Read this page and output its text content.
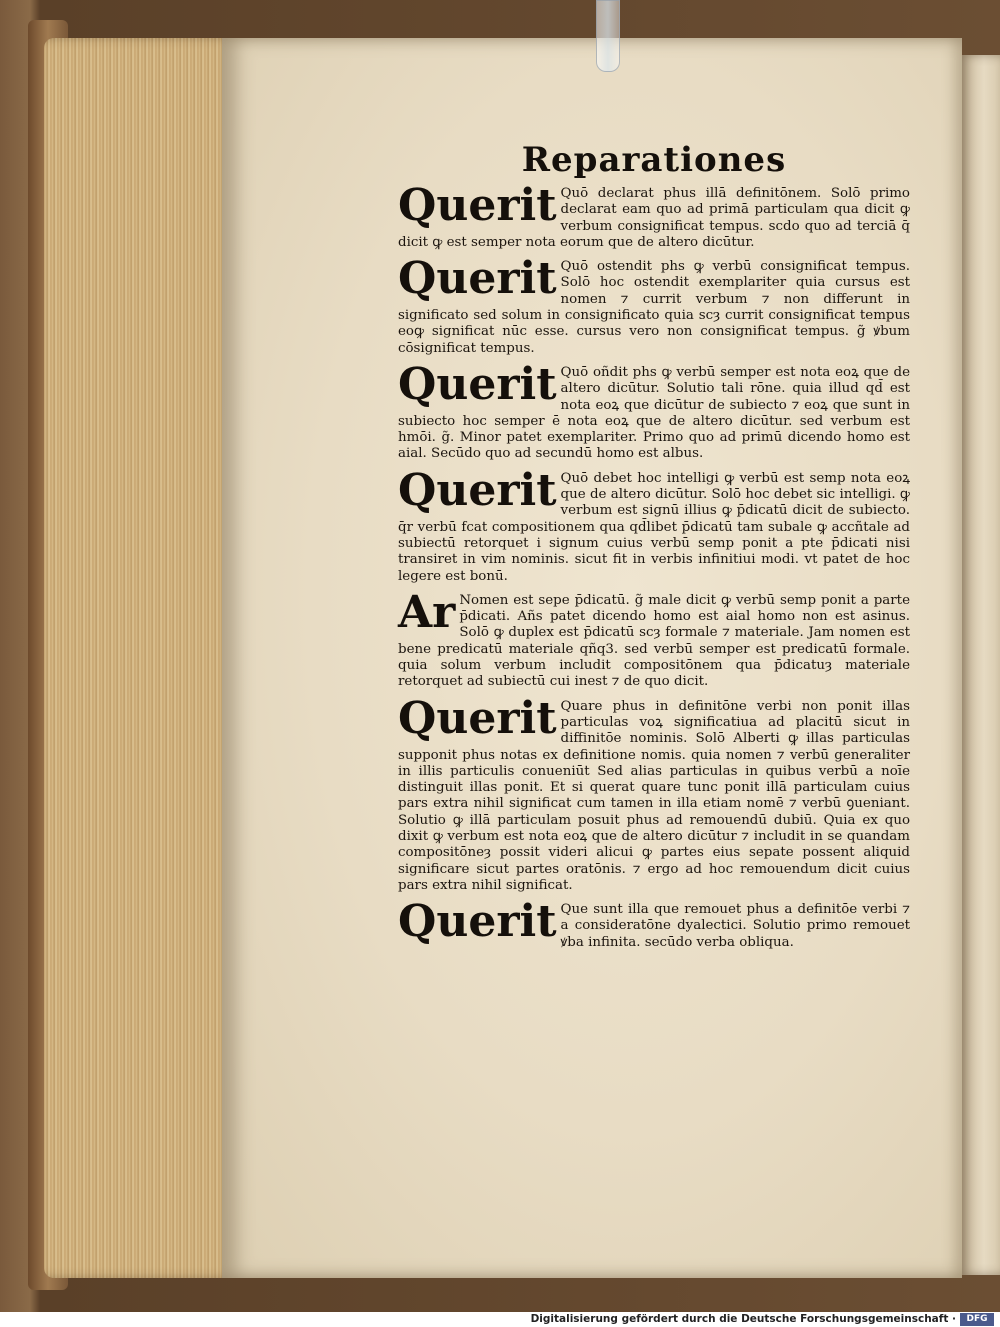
Reparationes
Querit Quō declarat phus illā definitōnem. Solō primo declarat eam quo ad primā particulam qua dicit ꝙ verbum consignificat tempus. scdo quo ad terciā q̄ dicit ꝙ est semper nota eorum que de altero dicūtur.

Querit Quō ostendit phs ꝙ verbū consignificat tempus. Solō hoc ostendit exemplariter quia cursus est nomen ⁊ currit verbum ⁊ non differunt in significato sed solum in consignificato quia scȝ currit consignificat tempus eoꝙ significat nūc esse. cursus vero non consignificat tempus. g̃ ꝟbum cōsignificat tempus.

Querit Quō oñdit phs ꝙ verbū semper est nota eoꝝ que de altero dicūtur. Solutio tali rōne. quia illud qd̄ est nota eoꝝ que dicūtur de subiecto ⁊ eoꝝ que sunt in subiecto hoc semper ē nota eoꝝ que de altero dicūtur. sed verbum est hmōi. g̃. Minor patet exemplariter. Primo quo ad primū dicendo homo est aial. Secūdo quo ad secundū homo est albus.

Querit Quō debet hoc intelligi ꝙ verbū est semp nota eoꝝ que de altero dicūtur. Solō hoc debet sic intelligi. ꝙ verbum est signū illius ꝙ p̄dicatū dicit de subiecto. q̄r verbū fcat compositionem qua qd̄libet p̄dicatū tam subale ꝙ accñtale ad subiectū retorquet i signum cuius verbū semp ponit a pte p̄dicati nisi transiret in vim nominis. sicut fit in verbis infinitiui modi. vt patet de hoc legere est bonū.

Ar Nomen est sepe p̄dicatū. g̃ male dicit ꝙ verbū semp ponit a parte p̄dicati. Añs patet dicendo homo est aial homo non est asinus. Solō ꝙ duplex est p̄dicatū scȝ formale ⁊ materiale. Jam nomen est bene predicatū materiale qñq3. sed verbū semper est predicatū formale. quia solum verbum includit compositōnem qua p̄dicatuȝ materiale retorquet ad subiectū cui inest ⁊ de quo dicit.

Querit Quare phus in definitōne verbi non ponit illas particulas voꝝ significatiua ad placitū sicut in diffinitōe nominis. Solō Alberti ꝙ illas particulas supponit phus notas ex definitione nomis. quia nomen ⁊ verbū generaliter in illis particulis conueniūt Sed alias particulas in quibus verbū a noīe distinguit illas ponit. Et si querat quare tunc ponit illā particulam cuius pars extra nihil significat cum tamen in illa etiam nomē ⁊ verbū ꝯueniant. Solutio ꝙ illā particulam posuit phus ad remouendū dubiū. Quia ex quo dixit ꝙ verbum est nota eoꝝ que de altero dicūtur ⁊ includit in se quandam compositōneȝ possit videri alicui ꝙ partes eius sepate possent aliquid significare sicut partes oratōnis. ⁊ ergo ad hoc remouendum dicit cuius pars extra nihil significat.

Querit Que sunt illa que remouet phus a definitōe verbi ⁊ a consideratōne dyalectici. Solutio primo remouet ꝟba infinita. secūdo verba obliqua.

Digitalisierung gefördert durch die Deutsche Forschungsgemeinschaft ·	DFG
